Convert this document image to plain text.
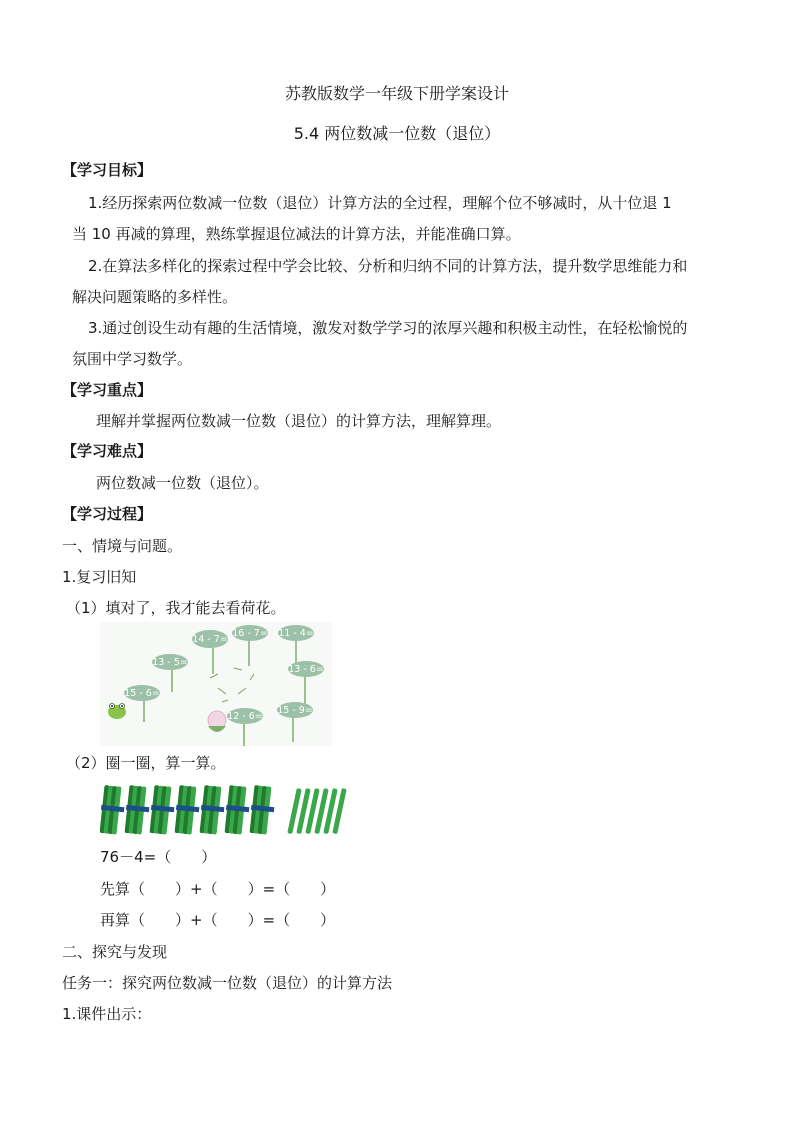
苏教版数学一年级下册学案设计
5.4 两位数减一位数（退位）
【学习目标】
1.经历探索两位数减一位数（退位）计算方法的全过程，理解个位不够减时，从十位退 1
当 10 再减的算理，熟练掌握退位减法的计算方法，并能准确口算。
2.在算法多样化的探索过程中学会比较、分析和归纳不同的计算方法，提升数学思维能力和
解决问题策略的多样性。
3.通过创设生动有趣的生活情境，激发对数学学习的浓厚兴趣和积极主动性，在轻松愉悦的
氛围中学习数学。
【学习重点】
理解并掌握两位数减一位数（退位）的计算方法，理解算理。
【学习难点】
两位数减一位数（退位）。
【学习过程】
一、情境与问题。
1.复习旧知
（1）填对了，我才能去看荷花。
14 - 7=
16 - 7= 11 - 4=
13 - 5=
13 - 6=
15 - 6=
12 - 6=
15 - 9=
（2）圈一圈，算一算。
76－4=（　　）
先算（　　）+（　　）=（　　）
再算（　　）+（　　）=（　　）
二、探究与发现
任务一：探究两位数减一位数（退位）的计算方法
1.课件出示：
